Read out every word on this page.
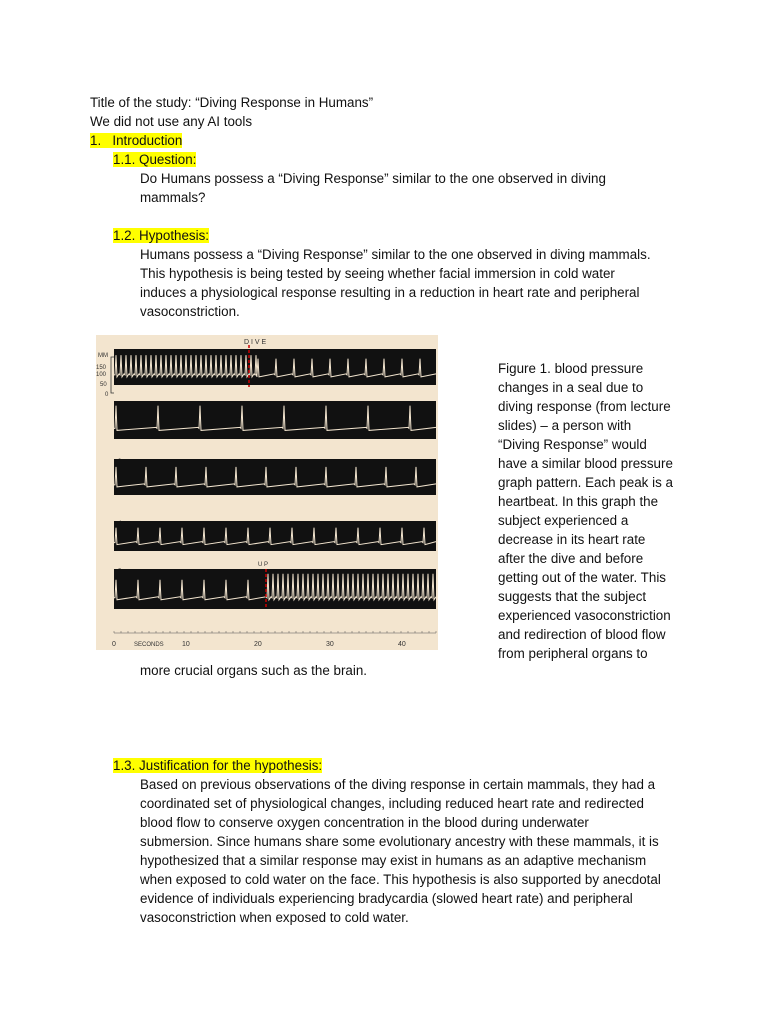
Title of the study: “Diving Response in Humans”
We did not use any AI tools
1. Introduction
1.1. Question:
Do Humans possess a “Diving Response” similar to the one observed in diving
mammals?
1.2. Hypothesis:
Humans possess a “Diving Response” similar to the one observed in diving mammals.
This hypothesis is being tested by seeing whether facial immersion in cold water
induces a physiological response resulting in a reduction in heart rate and peripheral
vasoconstriction.
D I V E
U P
MM
150
100
50
0
SECONDS
0	10	20	30	40
Figure 1. blood pressure
changes in a seal due to
diving response (from lecture
slides) – a person with
“Diving Response” would
have a similar blood pressure
graph pattern. Each peak is a
heartbeat. In this graph the
subject experienced a
decrease in its heart rate
after the dive and before
getting out of the water. This
suggests that the subject
experienced vasoconstriction
and redirection of blood flow
from peripheral organs to
more crucial organs such as the brain.
1.3. Justification for the hypothesis:
Based on previous observations of the diving response in certain mammals, they had a
coordinated set of physiological changes, including reduced heart rate and redirected
blood flow to conserve oxygen concentration in the blood during underwater
submersion. Since humans share some evolutionary ancestry with these mammals, it is
hypothesized that a similar response may exist in humans as an adaptive mechanism
when exposed to cold water on the face. This hypothesis is also supported by anecdotal
evidence of individuals experiencing bradycardia (slowed heart rate) and peripheral
vasoconstriction when exposed to cold water.
